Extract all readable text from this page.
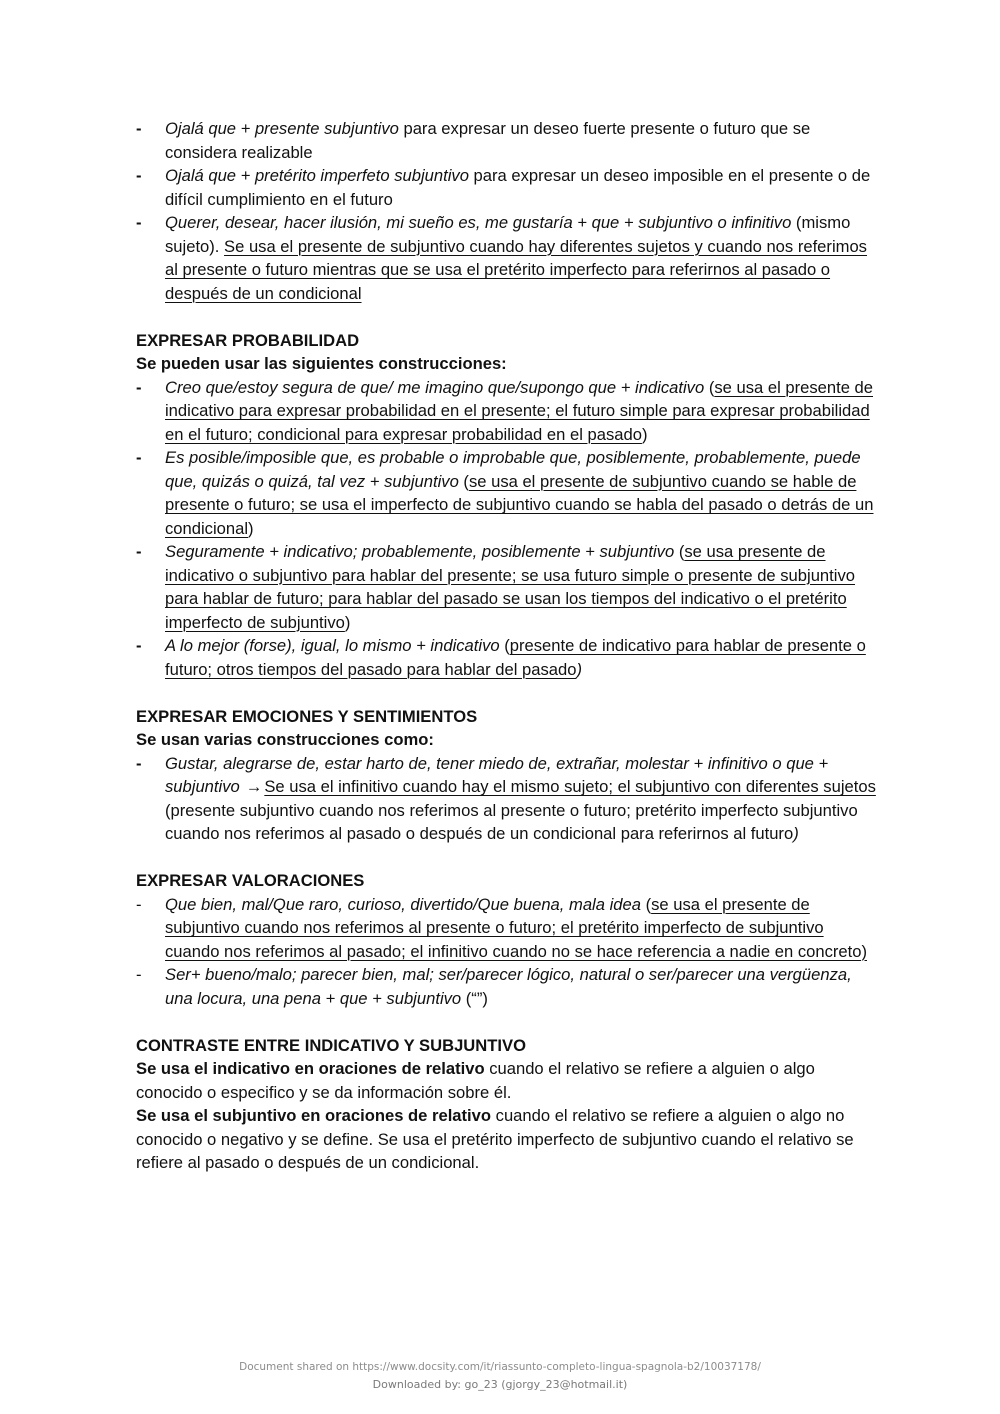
- Ojalá que + presente subjuntivo para expresar un deseo fuerte presente o futuro que se considera realizable
- Ojalá que + pretérito imperfeto subjuntivo para expresar un deseo imposible en el presente o de difícil cumplimiento en el futuro
- Querer, desear, hacer ilusión, mi sueño es, me gustaría + que + subjuntivo o infinitivo (mismo sujeto). Se usa el presente de subjuntivo cuando hay diferentes sujetos y cuando nos referimos al presente o futuro mientras que se usa el pretérito imperfecto para referirnos al pasado o después de un condicional
EXPRESAR PROBABILIDAD
Se pueden usar las siguientes construcciones:
- Creo que/estoy segura de que/ me imagino que/supongo que + indicativo (se usa el presente de indicativo para expresar probabilidad en el presente; el futuro simple para expresar probabilidad en el futuro; condicional para expresar probabilidad en el pasado)
- Es posible/imposible que, es probable o improbable que, posiblemente, probablemente, puede que, quizás o quizá, tal vez + subjuntivo (se usa el presente de subjuntivo cuando se hable de presente o futuro; se usa el imperfecto de subjuntivo cuando se habla del pasado o detrás de un condicional)
- Seguramente + indicativo; probablemente, posiblemente + subjuntivo (se usa presente de indicativo o subjuntivo para hablar del presente; se usa futuro simple o presente de subjuntivo para hablar de futuro; para hablar del pasado se usan los tiempos del indicativo o el pretérito imperfecto de subjuntivo)
- A lo mejor (forse), igual, lo mismo + indicativo (presente de indicativo para hablar de presente o futuro; otros tiempos del pasado para hablar del pasado)
EXPRESAR EMOCIONES Y SENTIMIENTOS
Se usan varias construcciones como:
- Gustar, alegrarse de, estar harto de, tener miedo de, extrañar, molestar + infinitivo o que + subjuntivo → Se usa el infinitivo cuando hay el mismo sujeto; el subjuntivo con diferentes sujetos (presente subjuntivo cuando nos referimos al presente o futuro; pretérito imperfecto subjuntivo cuando nos referimos al pasado o después de un condicional para referirnos al futuro)
EXPRESAR VALORACIONES
- Que bien, mal/Que raro, curioso, divertido/Que buena, mala idea (se usa el presente de subjuntivo cuando nos referimos al presente o futuro; el pretérito imperfecto de subjuntivo cuando nos referimos al pasado; el infinitivo cuando no se hace referencia a nadie en concreto)
- Ser+ bueno/malo; parecer bien, mal; ser/parecer lógico, natural o ser/parecer una vergüenza, una locura, una pena + que + subjuntivo (“”)
CONTRASTE ENTRE INDICATIVO Y SUBJUNTIVO
Se usa el indicativo en oraciones de relativo cuando el relativo se refiere a alguien o algo conocido o especifico y se da información sobre él.
Se usa el subjuntivo en oraciones de relativo cuando el relativo se refiere a alguien o algo no conocido o negativo y se define. Se usa el pretérito imperfecto de subjuntivo cuando el relativo se refiere al pasado o después de un condicional.
Document shared on https://www.docsity.com/it/riassunto-completo-lingua-spagnola-b2/10037178/
Downloaded by: go_23 (gjorgy_23@hotmail.it)
